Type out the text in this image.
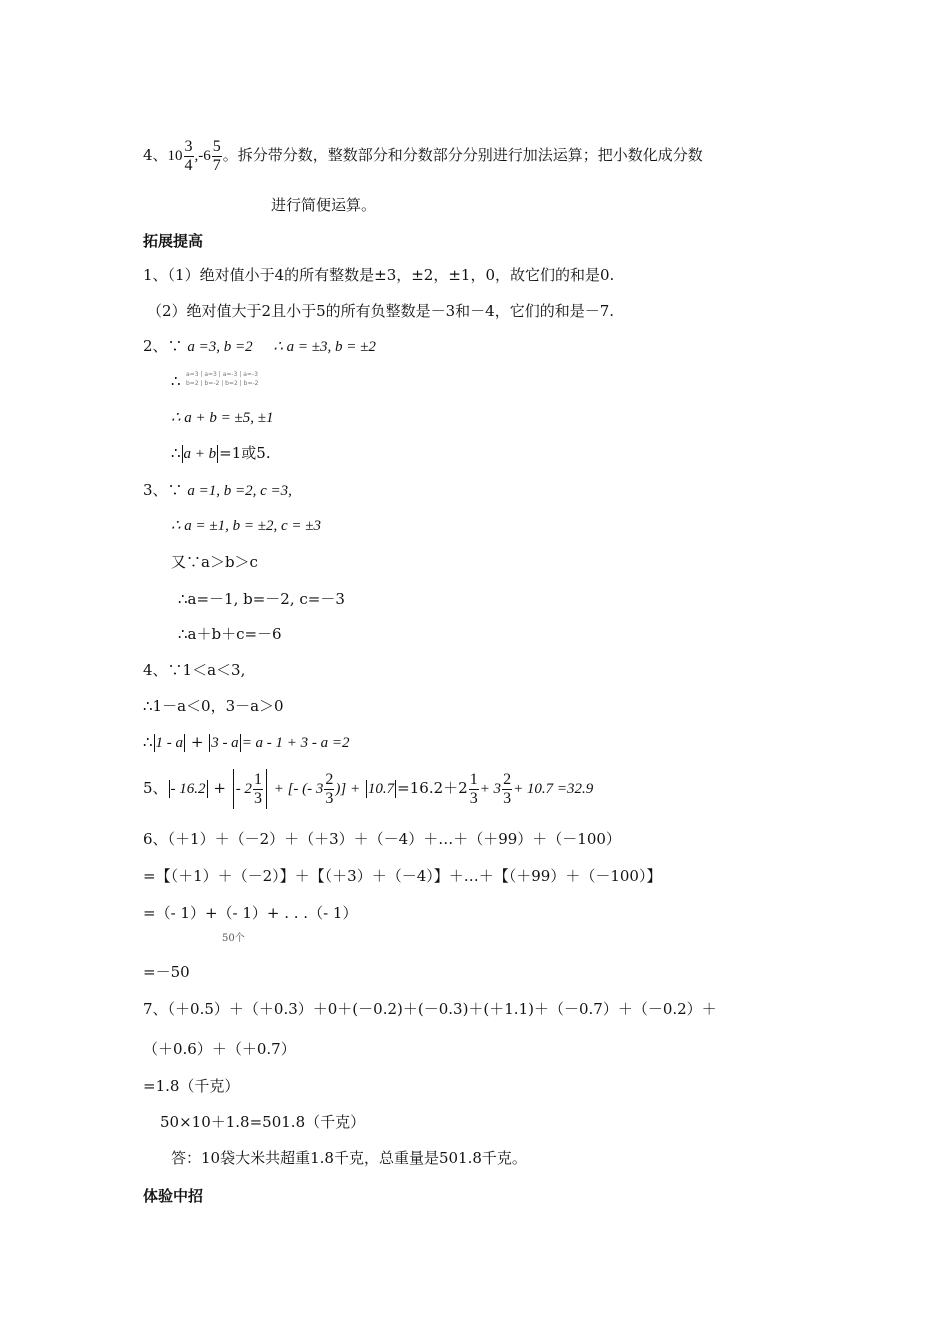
4、$10 \frac{3}{4} ,-6 \frac{5}{7}$ 。拆分带分数，整数部分和分数部分分别进行加法运算；把小数化成分数
进行简便运算。
拓展提高
1、（1）绝对值小于4的所有整数是±3，±2，±1，0，故它们的和是0.
（2）绝对值大于2且小于5的所有负整数是－3和－4，它们的和是－7.
2、∵ a =3, b =2 ∴ a = ±3, b = ±2
∴ a=3 | a=3 | a=-3 | a=-3
b=2 | b=-2 | b=2 | b=-2
∴ a + b = ±5, ±1
∴ a + b =1或5.
3、∵ a =1, b =2, c =3,
∴ a = ±1, b = ±2, c = ±3
又∵a＞b＞c
∴a=－1, b=－2, c=－3
∴a＋b＋c=－6
4、∵1＜a＜3,
∴1－a＜0，3－a＞0
∴ 1 - a + 3 - a = a - 1 + 3 - a =2
5、 - 16.2 + - $2 \frac{1}{3}$ + [- (- $3 \frac{2}{3}$ )] + $10.7 =16.2+2 \frac{1}{3} + 3 \frac{2}{3} + 10.7 =32.9$
6、（＋1）＋（－2）＋（＋3）＋（－4）＋…＋（＋99）＋（－100）
=【（＋1）＋（－2）】＋【（＋3）＋（－4）】＋…＋【（＋99）＋（－100）】
=（- 1）+（- 1）+ . . .（- 1）
50个
=－50
7、（＋0.5）＋（＋0.3）＋0＋(－0.2)＋(－0.3)＋(＋1.1)＋（－0.7）＋（－0.2）＋
（＋0.6）＋（＋0.7）
=1.8（千克）
50×10＋1.8=501.8（千克）
答：10袋大米共超重1.8千克，总重量是501.8千克。
体验中招
